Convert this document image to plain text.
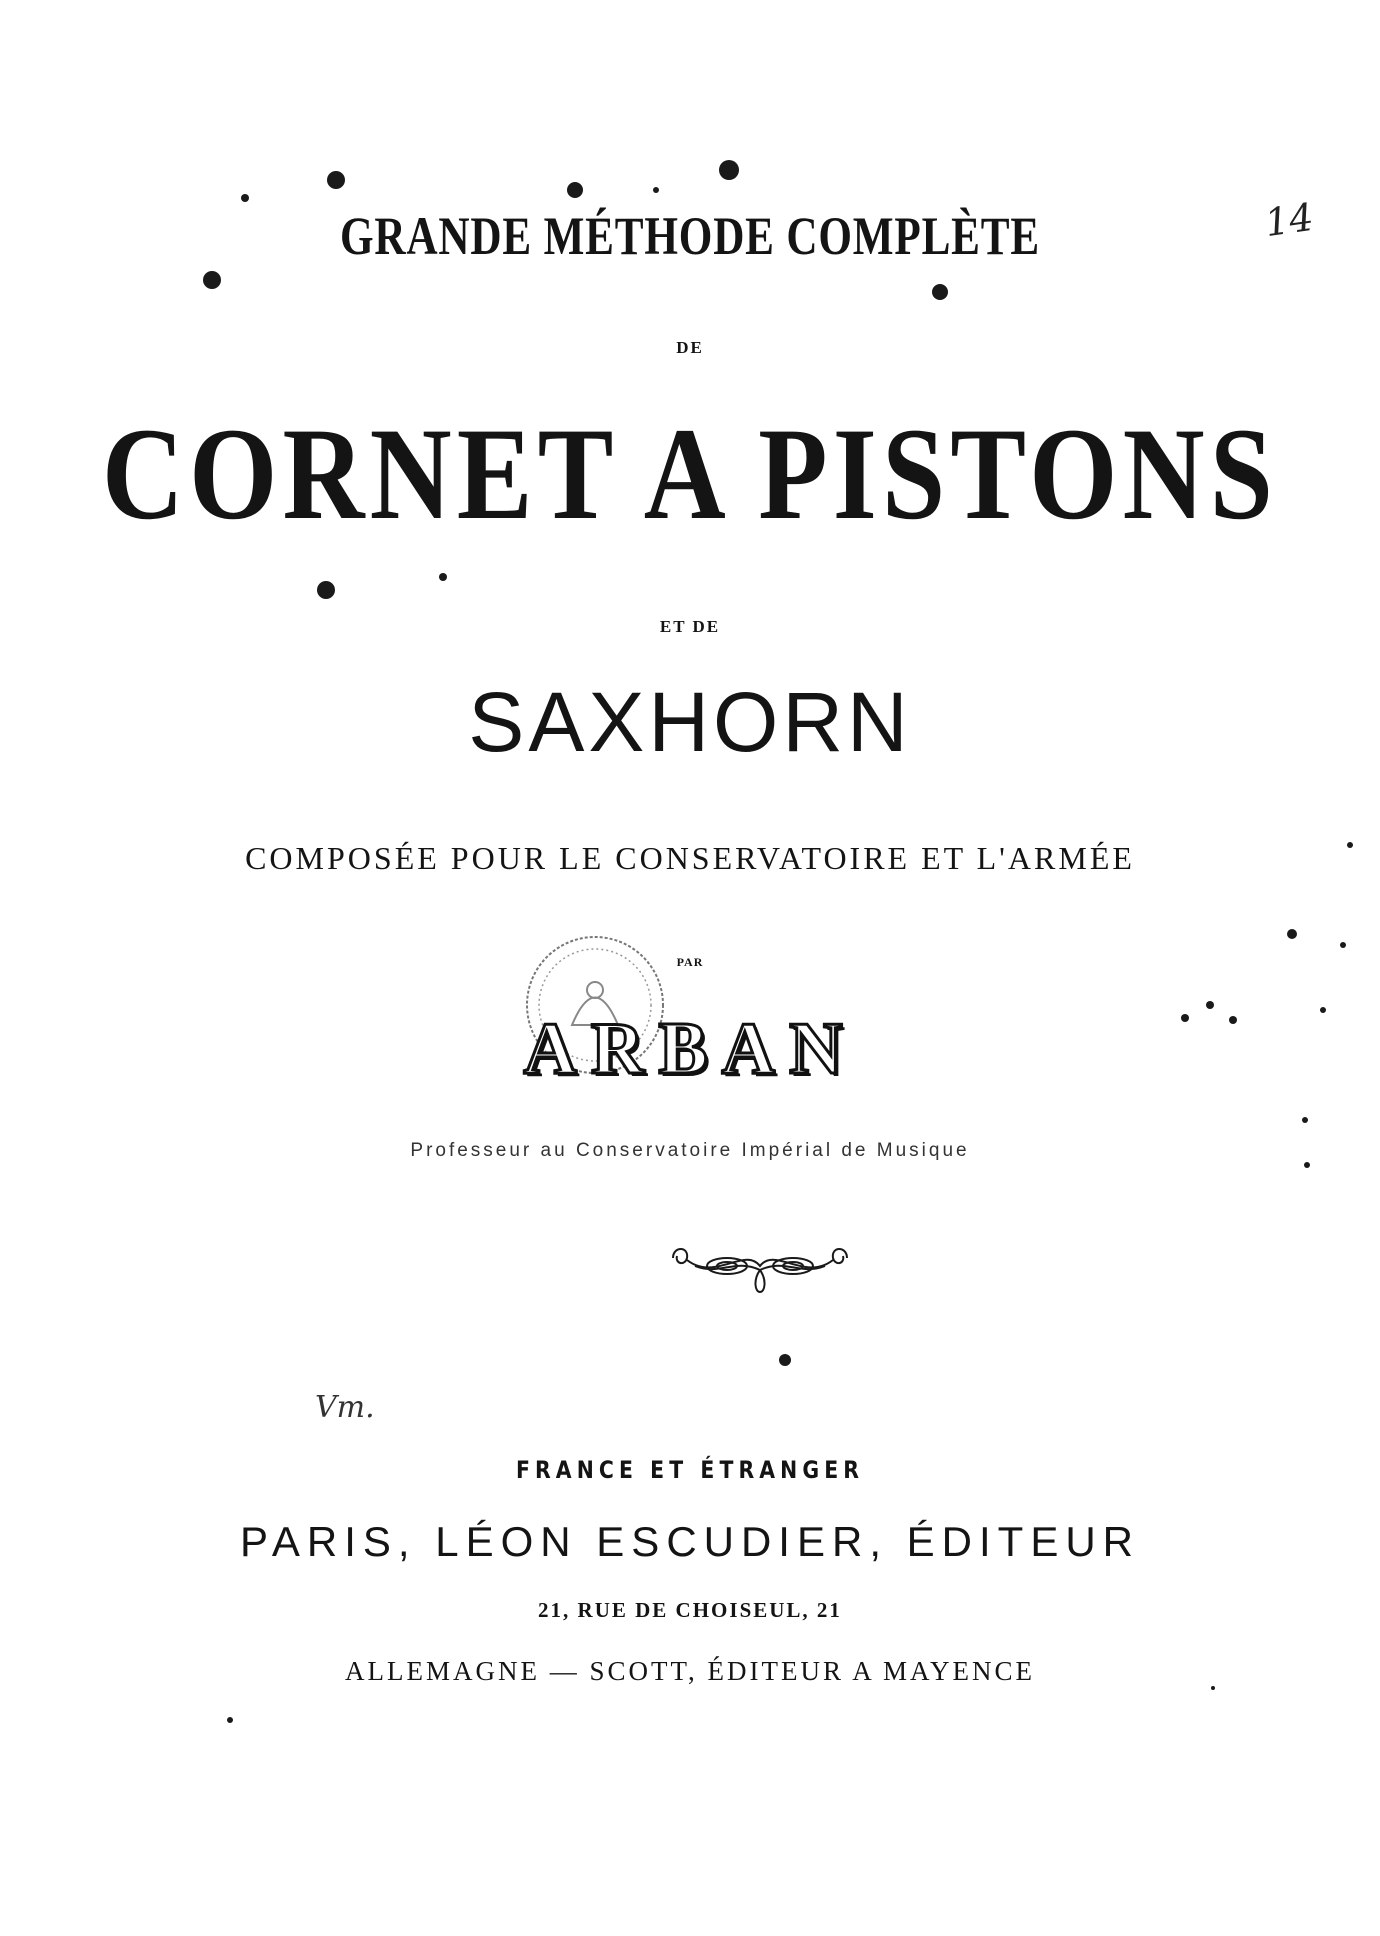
GRANDE MÉTHODE COMPLÈTE
DE
CORNET A PISTONS
ET DE
SAXHORN
COMPOSÉE POUR LE CONSERVATOIRE ET L'ARMÉE
PAR
ARBAN
Professeur au Conservatoire Impérial de Musique
FRANCE ET ÉTRANGER
PARIS, LÉON ESCUDIER, ÉDITEUR
21, RUE DE CHOISEUL, 21
ALLEMAGNE — SCOTT, ÉDITEUR A MAYENCE
14
Vm.
